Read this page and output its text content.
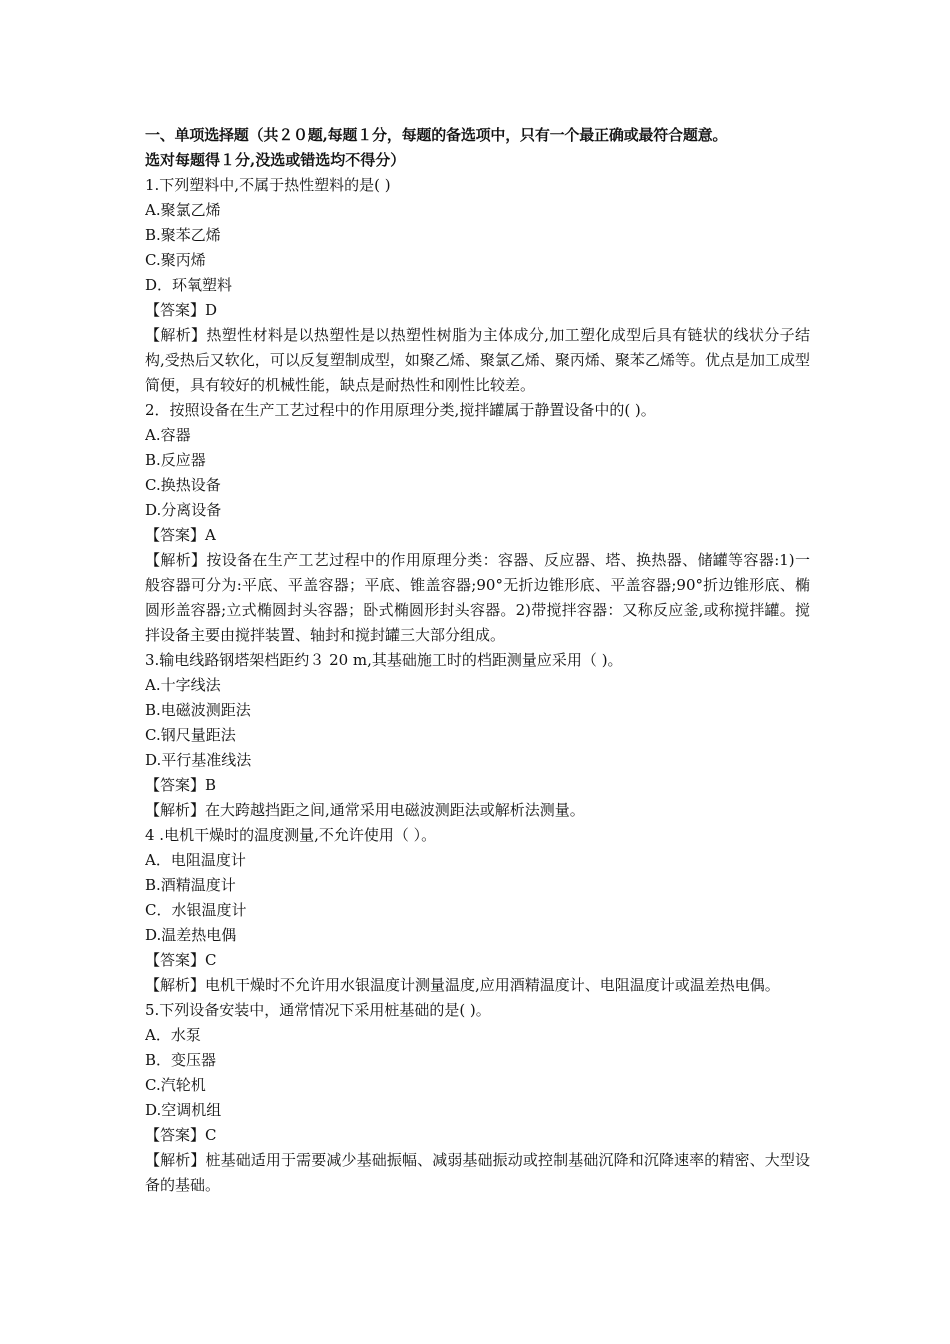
一、单项选择题（共２０题,每题１分，每题的备选项中，只有一个最正确或最符合题意。
选对每题得１分,没选或错选均不得分）
1.下列塑料中,不属于热性塑料的是( )
A.聚氯乙烯
B.聚苯乙烯
C.聚丙烯
D．环氧塑料
【答案】D
【解析】热塑性材料是以热塑性是以热塑性树脂为主体成分,加工塑化成型后具有链状的线状分子结构,受热后又软化，可以反复塑制成型，如聚乙烯、聚氯乙烯、聚丙烯、聚苯乙烯等。优点是加工成型简便，具有较好的机械性能，缺点是耐热性和刚性比较差。
2．按照设备在生产工艺过程中的作用原理分类,搅拌罐属于静置设备中的( )。
A.容器
B.反应器
C.换热设备
D.分离设备
【答案】A
【解析】按设备在生产工艺过程中的作用原理分类：容器、反应器、塔、换热器、储罐等容器:1)一般容器可分为:平底、平盖容器；平底、锥盖容器;90°无折边锥形底、平盖容器;90°折边锥形底、椭圆形盖容器;立式椭圆封头容器；卧式椭圆形封头容器。2)带搅拌容器：又称反应釜,或称搅拌罐。搅拌设备主要由搅拌装置、轴封和搅封罐三大部分组成。
3.输电线路钢塔架档距约３ 20 m,其基础施工时的档距测量应采用（ )。
A.十字线法
B.电磁波测距法
C.钢尺量距法
D.平行基准线法
【答案】B
【解析】在大跨越挡距之间,通常采用电磁波测距法或解析法测量。
4 .电机干燥时的温度测量,不允许使用（ ）。
A．电阻温度计
B.酒精温度计
C．水银温度计
D.温差热电偶
【答案】C
【解析】电机干燥时不允许用水银温度计测量温度,应用酒精温度计、电阻温度计或温差热电偶。
5.下列设备安装中，通常情况下采用桩基础的是( )。
A．水泵
B．变压器
C.汽轮机
D.空调机组
【答案】C
【解析】桩基础适用于需要减少基础振幅、减弱基础振动或控制基础沉降和沉降速率的精密、大型设备的基础。
